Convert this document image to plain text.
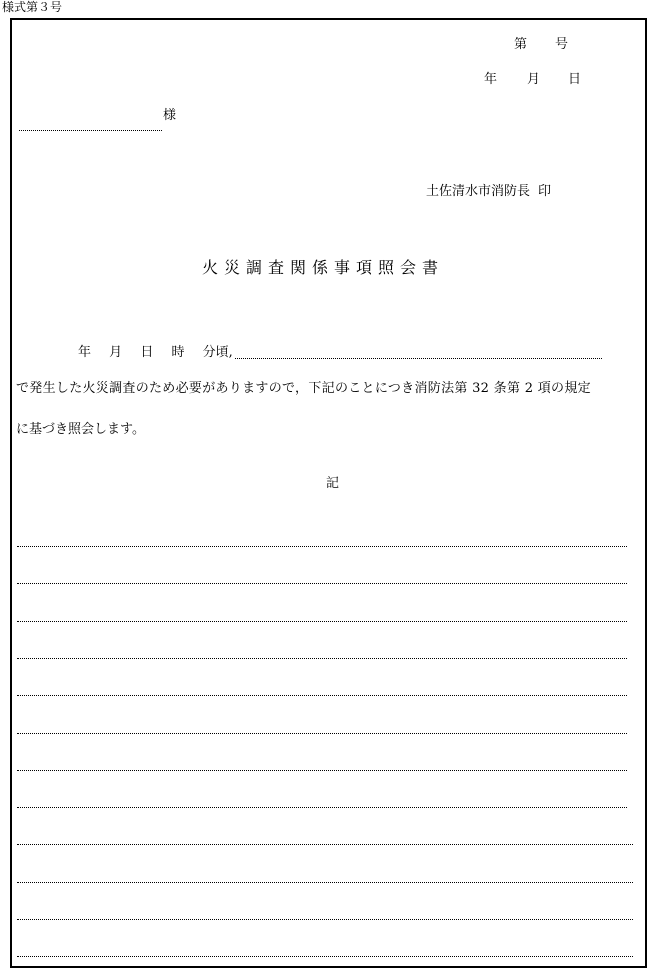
様式第３号
第 号
年 月 日
様
土佐清水市消防長 印
火災調査関係事項照会書
年 月 日 時 分頃,
で発生した火災調査のため必要がありますので，下記のことにつき消防法第 32 条第 2 項の規定
に基づき照会します。
記
